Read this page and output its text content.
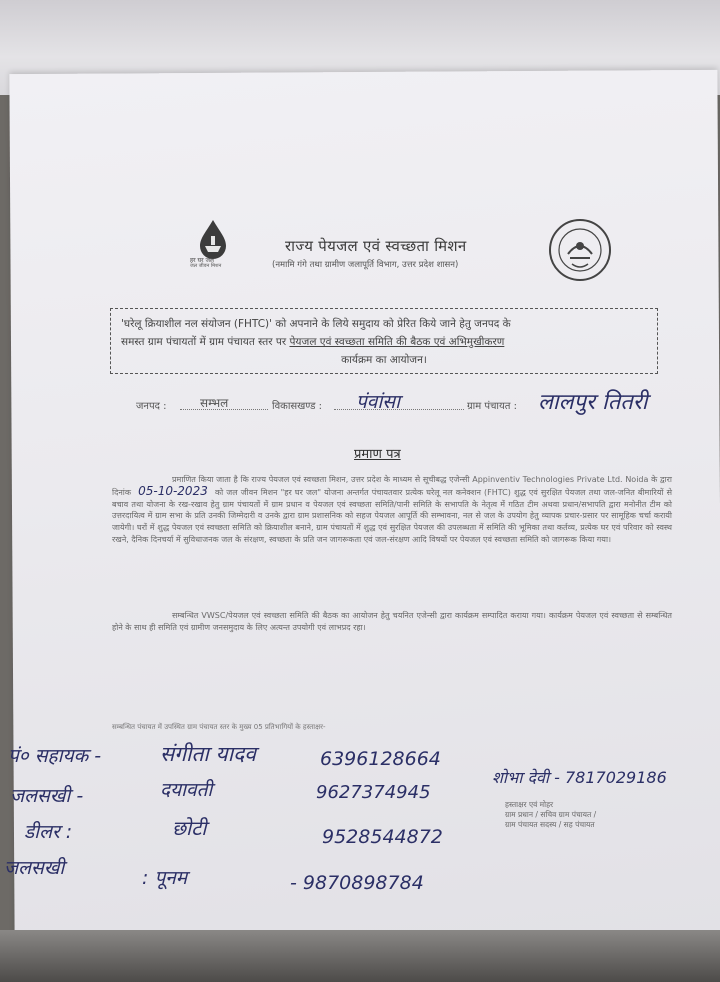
हर घर जल
जल जीवन मिशन
राज्य पेयजल एवं स्वच्छता मिशन
(नमामि गंगे तथा ग्रामीण जलापूर्ति विभाग, उत्तर प्रदेश शासन)
'घरेलू क्रियाशील नल संयोजन (FHTC)' को अपनाने के लिये समुदाय को प्रेरित किये जाने हेतु जनपद के
समस्त ग्राम पंचायतों में ग्राम पंचायत स्तर पर पेयजल एवं स्वच्छता समिति की बैठक एवं अभिमुखीकरण
कार्यक्रम का आयोजन।
जनपद :	सम्भल	विकासखण्ड : पंवांसा	ग्राम पंचायत : लालपुर तितरी
प्रमाण पत्र
प्रमाणित किया जाता है कि राज्य पेयजल एवं स्वच्छता मिशन, उत्तर प्रदेश के माध्यम से सूचीबद्ध एजेन्सी Appinventiv Technologies Private Ltd. Noida के द्वारा दिनांक 05-10-2023 को जल जीवन मिशन "हर घर जल" योजना अन्तर्गत पंचायतवार प्रत्येक घरेलू नल कनेक्शन (FHTC) शुद्ध एवं सुरक्षित पेयजल तथा जल-जनित बीमारियों से बचाव तथा योजना के रख-रखाव हेतु ग्राम पंचायतों में ग्राम प्रधान व पेयजल एवं स्वच्छता समिति/पानी समिति के सभापति के नेतृत्व में गठित टीम अथवा प्रधान/सभापति द्वारा मनोनीत टीम को उत्तरदायित्व में ग्राम सभा के प्रति उनकी जिम्मेदारी व उनके द्वारा ग्राम प्रशासनिक को सहज पेयजल आपूर्ति की सम्भावना, नल से जल के उपयोग हेतु व्यापक प्रचार-प्रसार पर सामूहिक चर्चा करायी जायेगी। घरों में शुद्ध पेयजल एवं स्वच्छता समिति को क्रियाशील बनाने, ग्राम पंचायतों में शुद्ध एवं सुरक्षित पेयजल की उपलब्धता में समिति की भूमिका तथा कर्तव्य, प्रत्येक घर एवं परिवार को स्वस्थ रखने, दैनिक दिनचर्या में सुविधाजनक जल के संरक्षण, स्वच्छता के प्रति जन जागरूकता एवं जल-संरक्षण आदि विषयों पर पेयजल एवं स्वच्छता समिति को जागरूक किया गया।
सम्बन्धित VWSC/पेयजल एवं स्वच्छता समिति की बैठक का आयोजन हेतु चयनित एजेन्सी द्वारा कार्यक्रम सम्पादित कराया गया। कार्यक्रम पेयजल एवं स्वच्छता से सम्बन्धित होने के साथ ही समिति एवं ग्रामीण जनसमुदाय के लिए अत्यन्त उपयोगी एवं लाभप्रद रहा।
सम्बन्धित पंचायत में उपस्थित ग्राम पंचायत स्तर के मुख्य 05 प्रतिभागियों के हस्ताक्षर-
पं० सहायक -	संगीता यादव	6396128664
जलसखी -	दयावती	9627374945
डीलर :	छोटी	9528544872
जलसखी	: पूनम	- 9870898784
शोभा देवी - 7817029186
हस्ताक्षर एवं मोहर
ग्राम प्रधान / सचिव ग्राम पंचायत /
ग्राम पंचायत सदस्य / सह पंचायत
